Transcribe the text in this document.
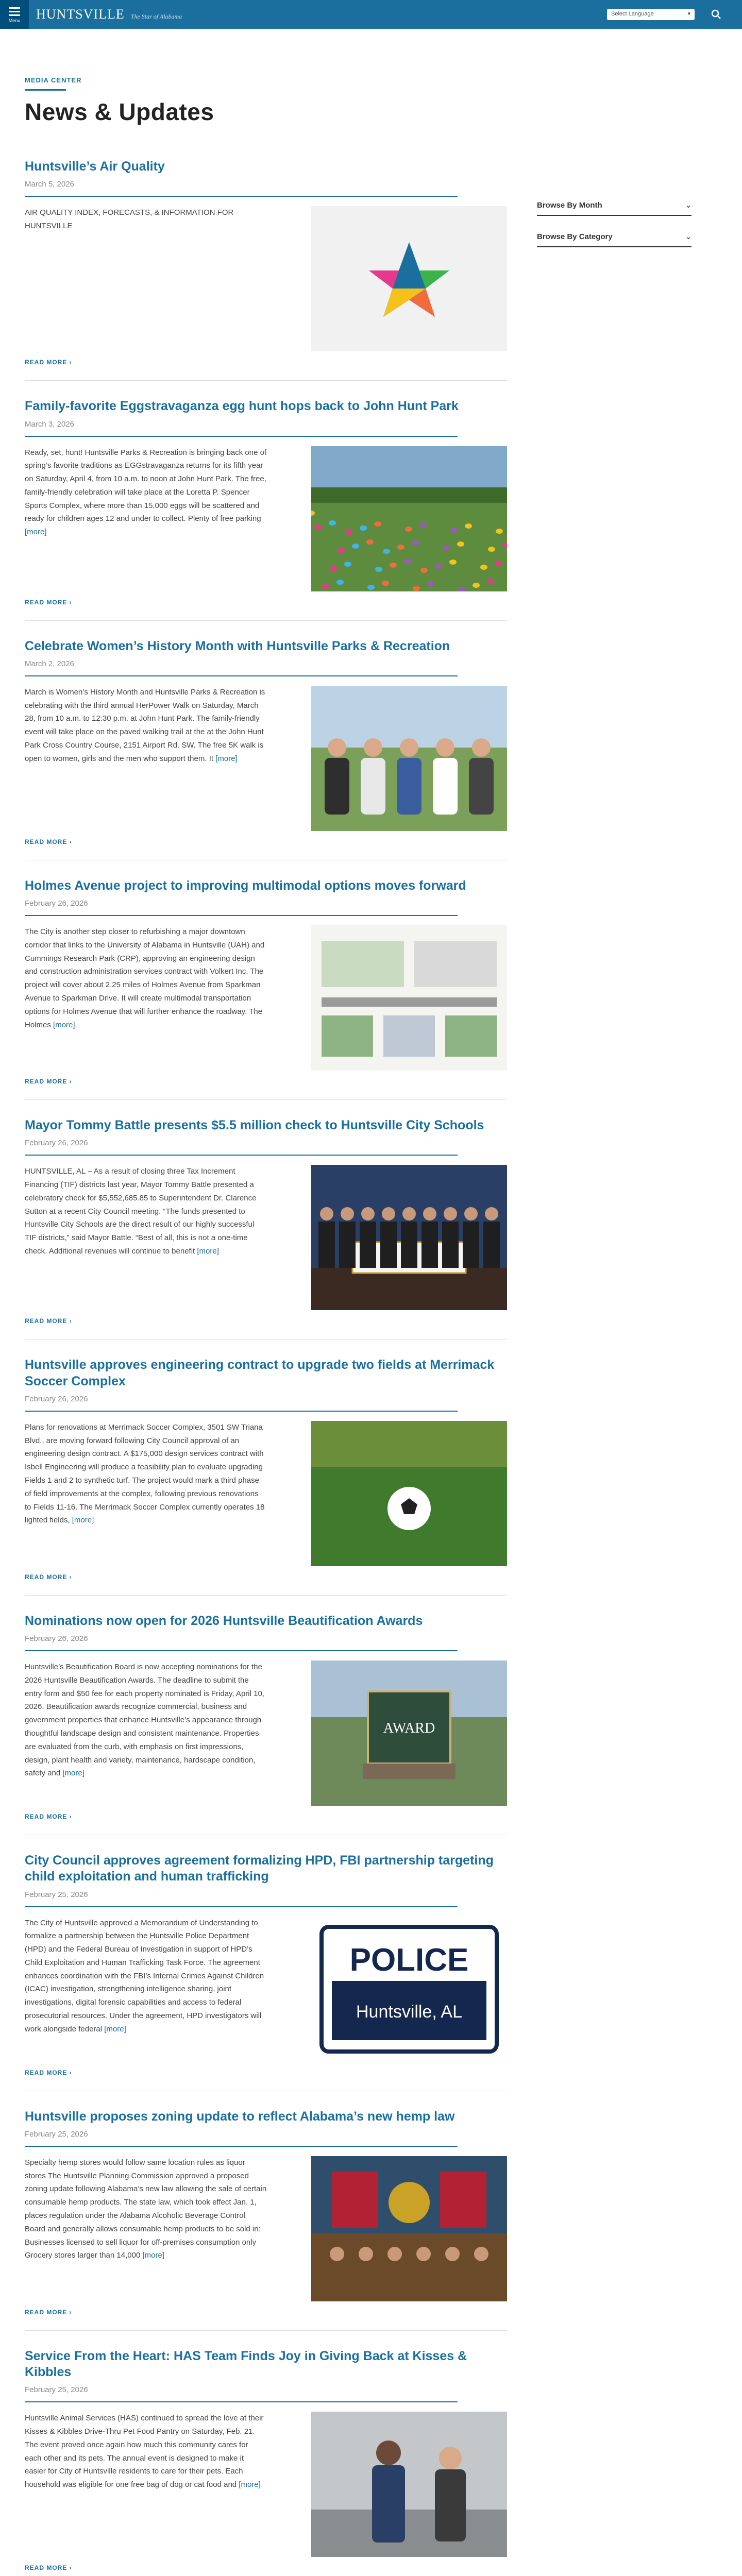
Menu HUNTSVILLE The Star of Alabama	Select Language	▾
MEDIA CENTER
News & Updates
Browse By Month	⌄
Browse By Category	⌄
Huntsville’s Air Quality
March 5, 2026

AIR QUALITY INDEX, FORECASTS, & INFORMATION FOR HUNTSVILLE

READ MORE ›
Family-favorite Eggstravaganza egg hunt hops back to John Hunt Park
March 3, 2026

Ready, set, hunt! Huntsville Parks & Recreation is bringing back one of spring’s favorite traditions as EGGstravaganza returns for its fifth year on Saturday, April 4, from 10 a.m. to noon at John Hunt Park. The free, family-friendly celebration will take place at the Loretta P. Spencer Sports Complex, where more than 15,000 eggs will be scattered and ready for children ages 12 and under to collect. Plenty of free parking [more]

READ MORE ›
Celebrate Women’s History Month with Huntsville Parks & Recreation
March 2, 2026

March is Women’s History Month and Huntsville Parks & Recreation is celebrating with the third annual HerPower Walk on Saturday, March 28, from 10 a.m. to 12:30 p.m. at John Hunt Park. The family-friendly event will take place on the paved walking trail at the at the John Hunt Park Cross Country Course, 2151 Airport Rd. SW. The free 5K walk is open to women, girls and the men who support them. It [more]

READ MORE ›
Holmes Avenue project to improving multimodal options moves forward
February 26, 2026

The City is another step closer to refurbishing a major downtown corridor that links to the University of Alabama in Huntsville (UAH) and Cummings Research Park (CRP), approving an engineering design and construction administration services contract with Volkert Inc. The project will cover about 2.25 miles of Holmes Avenue from Sparkman Avenue to Sparkman Drive. It will create multimodal transportation options for Holmes Avenue that will further enhance the roadway. The Holmes [more]

READ MORE ›
Mayor Tommy Battle presents $5.5 million check to Huntsville City Schools
February 26, 2026

HUNTSVILLE, AL – As a result of closing three Tax Increment Financing (TIF) districts last year, Mayor Tommy Battle presented a celebratory check for $5,552,685.85 to Superintendent Dr. Clarence Sutton at a recent City Council meeting. “The funds presented to Huntsville City Schools are the direct result of our highly successful TIF districts,” said Mayor Battle. “Best of all, this is not a one-time check. Additional revenues will continue to benefit [more]

READ MORE ›
Huntsville approves engineering contract to upgrade two fields at Merrimack Soccer Complex
February 26, 2026

Plans for renovations at Merrimack Soccer Complex, 3501 SW Triana Blvd., are moving forward following City Council approval of an engineering design contract. A $175,000 design services contract with Isbell Engineering will produce a feasibility plan to evaluate upgrading Fields 1 and 2 to synthetic turf. The project would mark a third phase of field improvements at the complex, following previous renovations to Fields 11-16. The Merrimack Soccer Complex currently operates 18 lighted fields, [more]

READ MORE ›
Nominations now open for 2026 Huntsville Beautification Awards
February 26, 2026

Huntsville’s Beautification Board is now accepting nominations for the 2026 Huntsville Beautification Awards. The deadline to submit the entry form and $50 fee for each property nominated is Friday, April 10, 2026. Beautification awards recognize commercial, business and government properties that enhance Huntsville’s appearance through thoughtful landscape design and consistent maintenance. Properties are evaluated from the curb, with emphasis on first impressions, design, plant health and variety, maintenance, hardscape condition, safety and [more]

AWARD
READ MORE ›
City Council approves agreement formalizing HPD, FBI partnership targeting child exploitation and human trafficking
February 25, 2026

The City of Huntsville approved a Memorandum of Understanding to formalize a partnership between the Huntsville Police Department (HPD) and the Federal Bureau of Investigation in support of HPD’s Child Exploitation and Human Trafficking Task Force. The agreement enhances coordination with the FBI’s Internal Crimes Against Children (ICAC) investigation, strengthening intelligence sharing, joint investigations, digital forensic capabilities and access to federal prosecutorial resources. Under the agreement, HPD investigators will work alongside federal [more]

POLICE
Huntsville, AL
READ MORE ›
Huntsville proposes zoning update to reflect Alabama’s new hemp law
February 25, 2026

Specialty hemp stores would follow same location rules as liquor stores The Huntsville Planning Commission approved a proposed zoning update following Alabama’s new law allowing the sale of certain consumable hemp products. The state law, which took effect Jan. 1, places regulation under the Alabama Alcoholic Beverage Control Board and generally allows consumable hemp products to be sold in: Businesses licensed to sell liquor for off-premises consumption only Grocery stores larger than 14,000 [more]

READ MORE ›
Service From the Heart: HAS Team Finds Joy in Giving Back at Kisses & Kibbles
February 25, 2026

Huntsville Animal Services (HAS) continued to spread the love at their Kisses & Kibbles Drive-Thru Pet Food Pantry on Saturday, Feb. 21. The event proved once again how much this community cares for each other and its pets. The annual event is designed to make it easier for City of Huntsville residents to care for their pets. Each household was eligible for one free bag of dog or cat food and [more]

READ MORE ›
